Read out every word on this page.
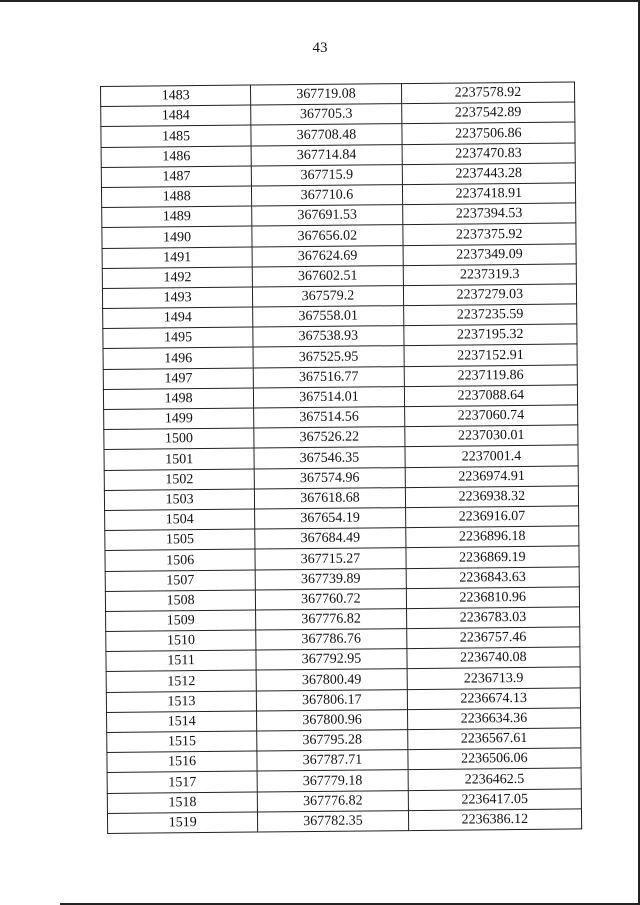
43
1483	367719.08	2237578.92
1484	367705.3	2237542.89
1485	367708.48	2237506.86
1486	367714.84	2237470.83
1487	367715.9	2237443.28
1488	367710.6	2237418.91
1489	367691.53	2237394.53
1490	367656.02	2237375.92
1491	367624.69	2237349.09
1492	367602.51	2237319.3
1493	367579.2	2237279.03
1494	367558.01	2237235.59
1495	367538.93	2237195.32
1496	367525.95	2237152.91
1497	367516.77	2237119.86
1498	367514.01	2237088.64
1499	367514.56	2237060.74
1500	367526.22	2237030.01
1501	367546.35	2237001.4
1502	367574.96	2236974.91
1503	367618.68	2236938.32
1504	367654.19	2236916.07
1505	367684.49	2236896.18
1506	367715.27	2236869.19
1507	367739.89	2236843.63
1508	367760.72	2236810.96
1509	367776.82	2236783.03
1510	367786.76	2236757.46
1511	367792.95	2236740.08
1512	367800.49	2236713.9
1513	367806.17	2236674.13
1514	367800.96	2236634.36
1515	367795.28	2236567.61
1516	367787.71	2236506.06
1517	367779.18	2236462.5
1518	367776.82	2236417.05
1519	367782.35	2236386.12
